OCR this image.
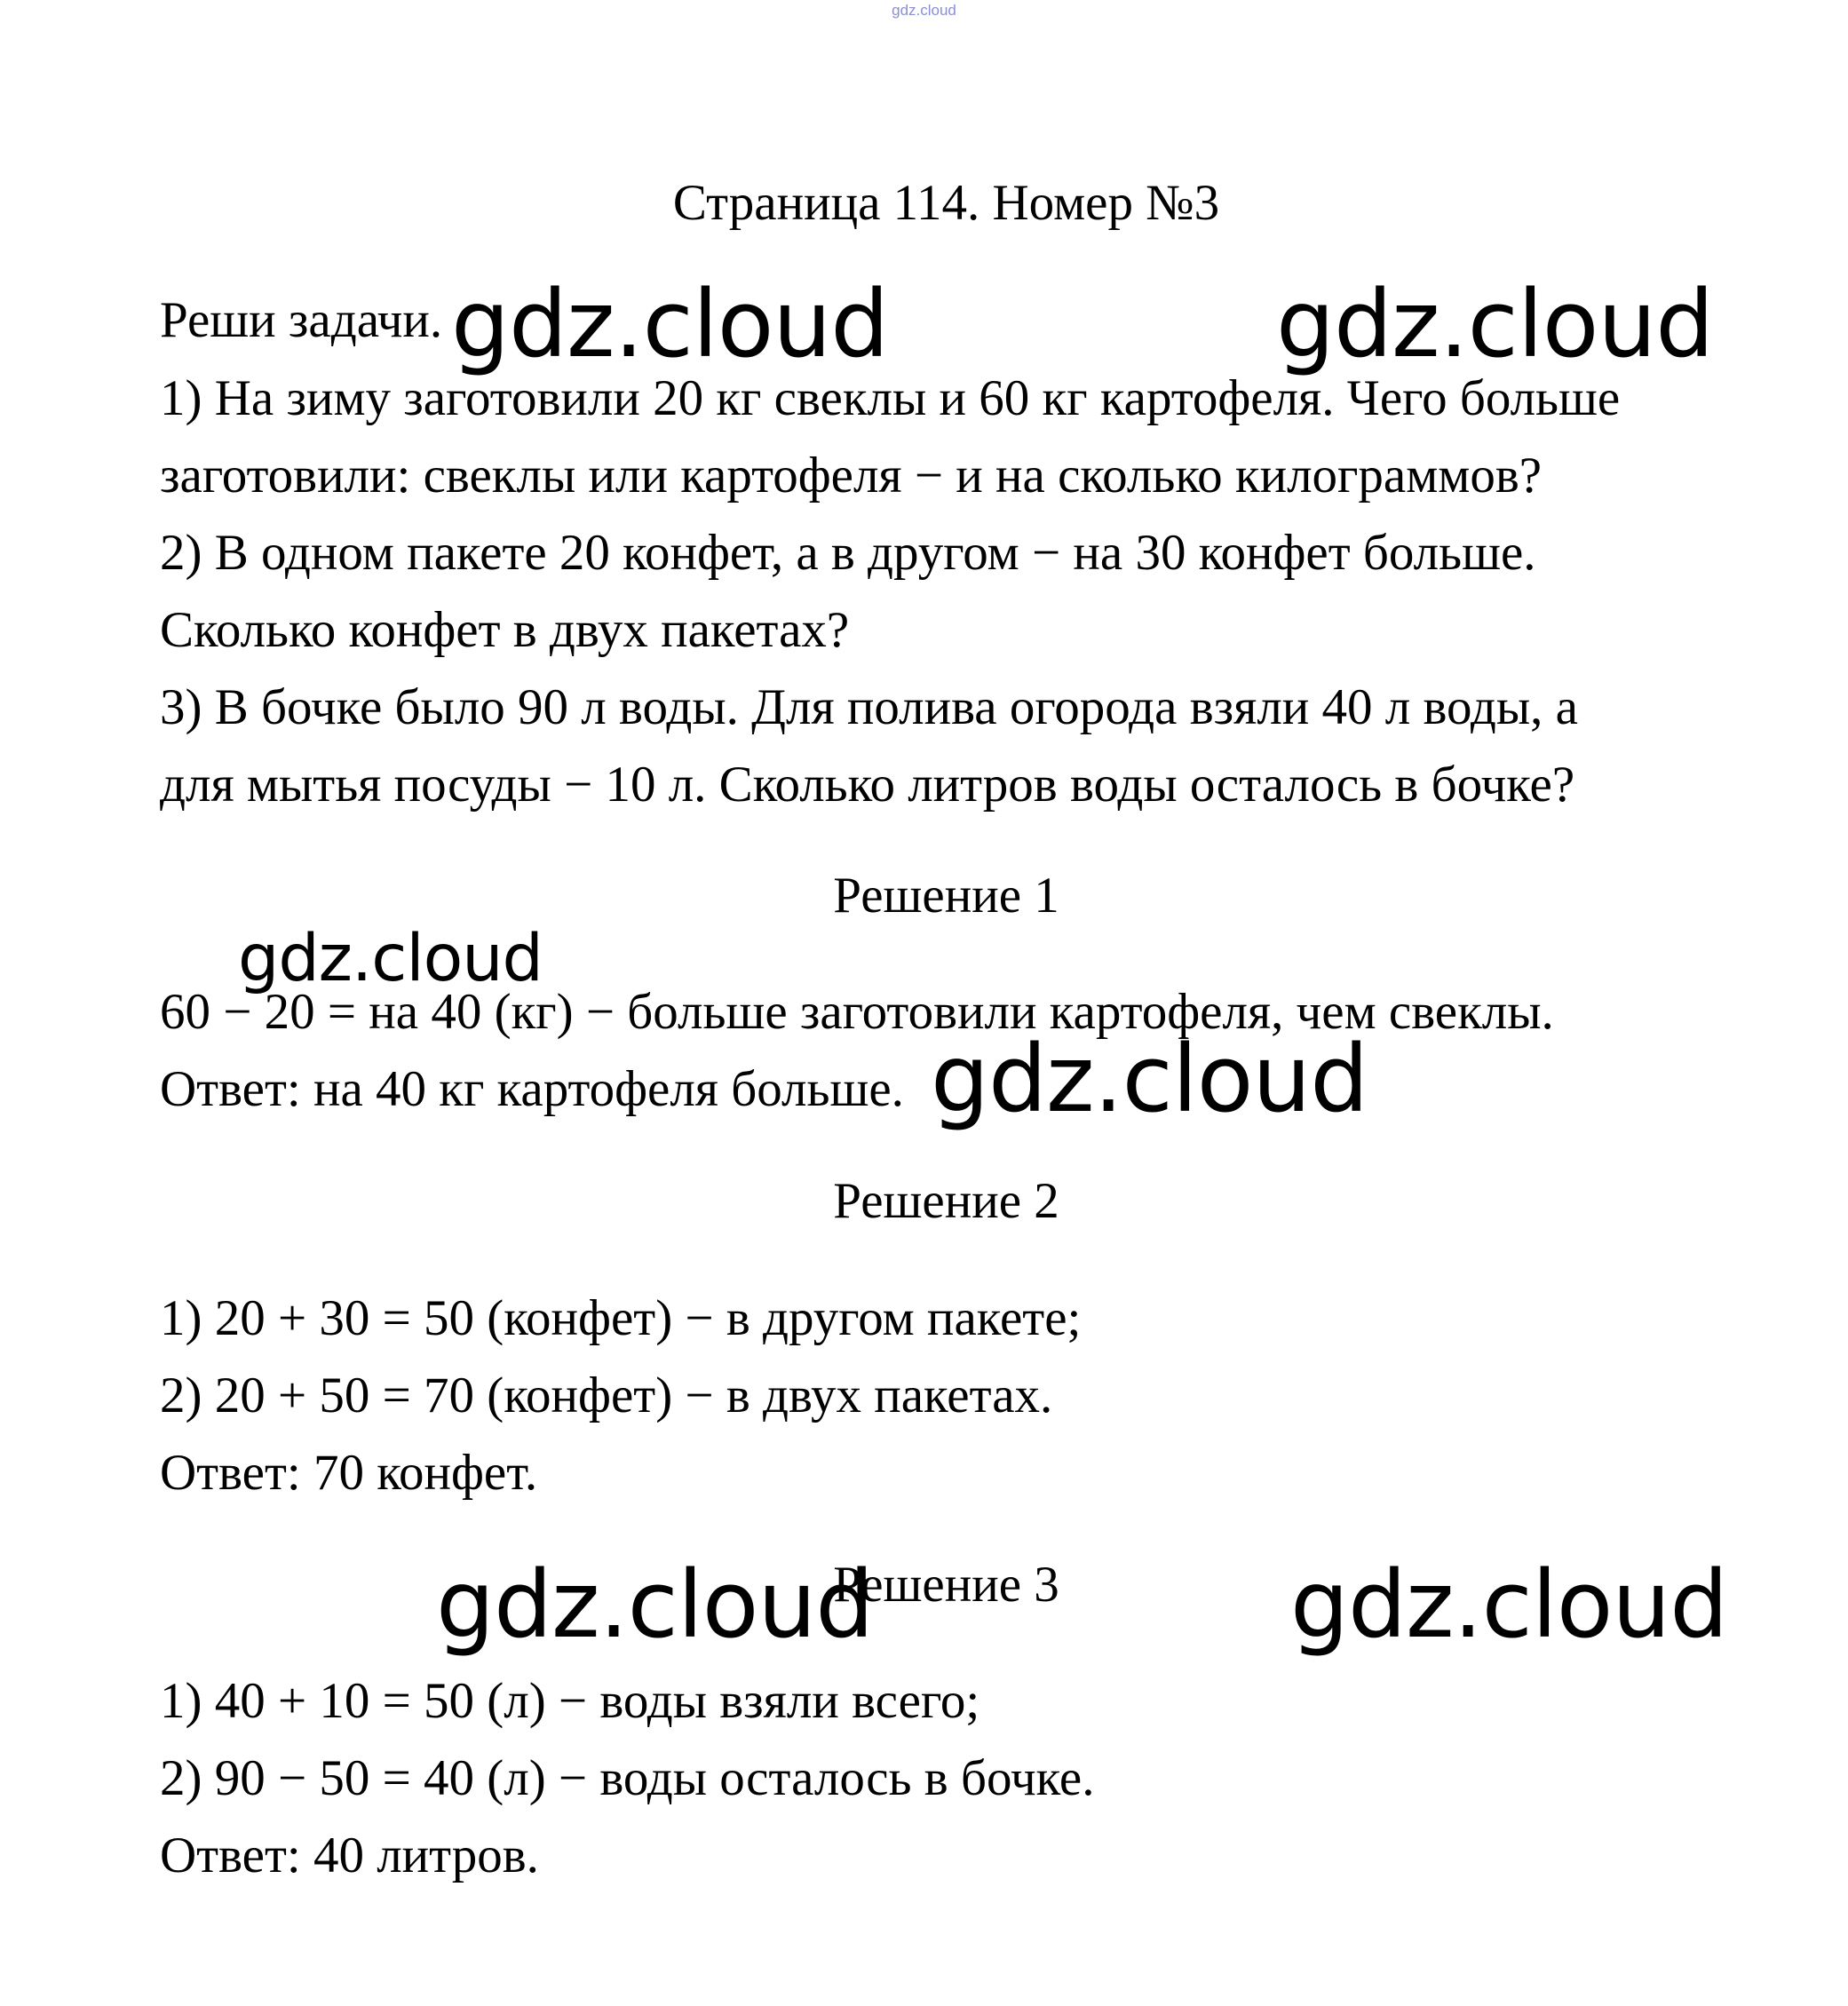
gdz.cloud
Страница 114. Номер №3
Реши задачи.
1) На зиму заготовили 20 кг свеклы и 60 кг картофеля. Чего больше
заготовили: свеклы или картофеля − и на сколько килограммов?
2) В одном пакете 20 конфет, а в другом − на 30 конфет больше.
Сколько конфет в двух пакетах?
3) В бочке было 90 л воды. Для полива огорода взяли 40 л воды, а
для мытья посуды − 10 л. Сколько литров воды осталось в бочке?
Решение 1
60 − 20 = на 40 (кг) − больше заготовили картофеля, чем свеклы.
Ответ: на 40 кг картофеля больше.
Решение 2
1) 20 + 30 = 50 (конфет) − в другом пакете;
2) 20 + 50 = 70 (конфет) − в двух пакетах.
Ответ: 70 конфет.
Решение 3
1) 40 + 10 = 50 (л) − воды взяли всего;
2) 90 − 50 = 40 (л) − воды осталось в бочке.
Ответ: 40 литров.
gdz.cloud	gdz.cloud
gdz.cloud
gdz.cloud
gdz.cloud	gdz.cloud
